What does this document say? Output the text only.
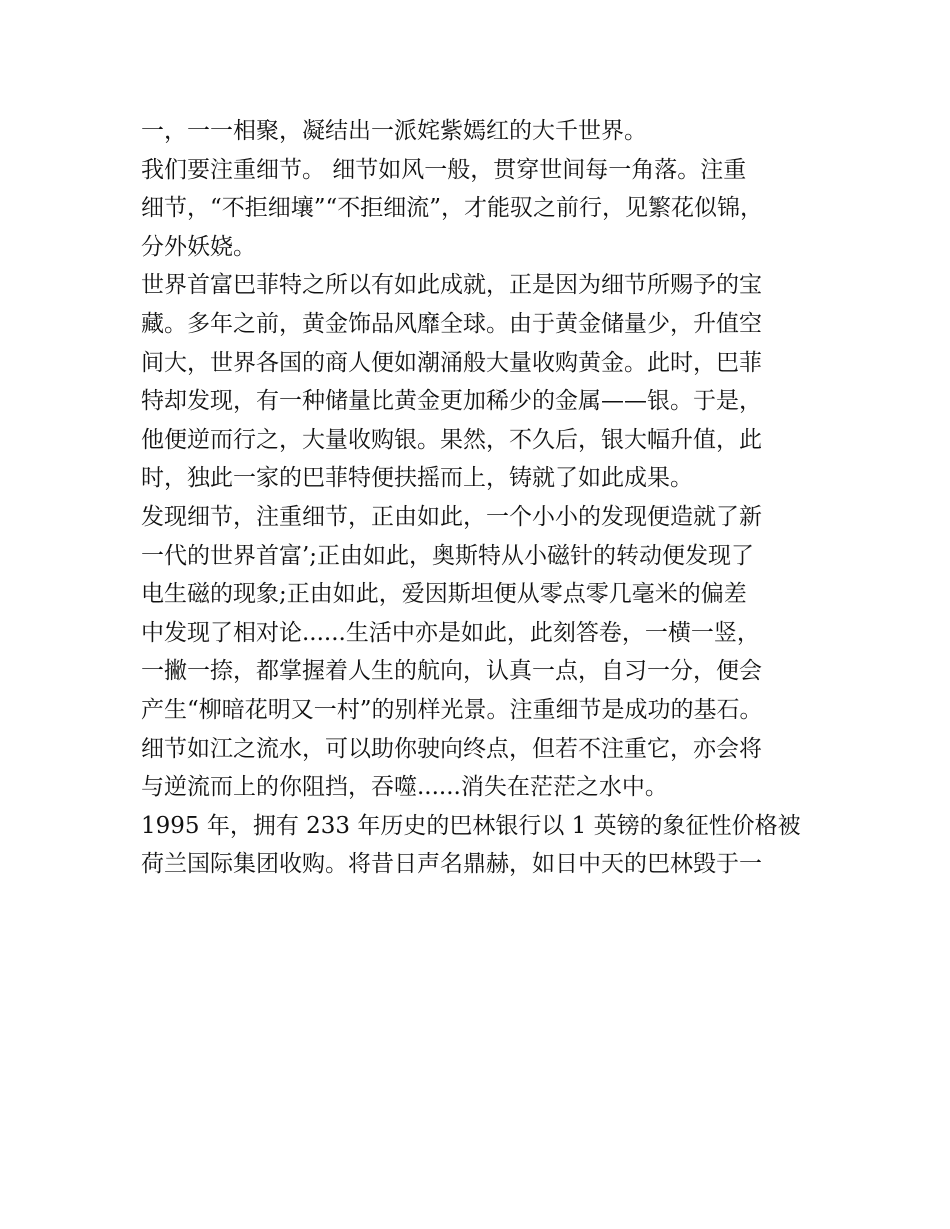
一，一一相聚，凝结出一派姹紫嫣红的大千世界。
我们要注重细节。 细节如风一般，贯穿世间每一角落。注重
细节，“不拒细壤”“不拒细流”，才能驭之前行，见繁花似锦，
分外妖娆。
世界首富巴菲特之所以有如此成就，正是因为细节所赐予的宝
藏。多年之前，黄金饰品风靡全球。由于黄金储量少，升值空
间大，世界各国的商人便如潮涌般大量收购黄金。此时，巴菲
特却发现，有一种储量比黄金更加稀少的金属——银。于是，
他便逆而行之，大量收购银。果然，不久后，银大幅升值，此
时，独此一家的巴菲特便扶摇而上，铸就了如此成果。
发现细节，注重细节，正由如此，一个小小的发现便造就了新
一代的世界首富’;正由如此，奥斯特从小磁针的转动便发现了
电生磁的现象;正由如此，爱因斯坦便从零点零几毫米的偏差
中发现了相对论......生活中亦是如此，此刻答卷，一横一竖，
一撇一捺，都掌握着人生的航向，认真一点，自习一分，便会
产生“柳暗花明又一村”的别样光景。注重细节是成功的基石。
细节如江之流水，可以助你驶向终点，但若不注重它，亦会将
与逆流而上的你阻挡，吞噬......消失在茫茫之水中。
1995 年，拥有 233 年历史的巴林银行以 1 英镑的象征性价格被
荷兰国际集团收购。将昔日声名鼎赫，如日中天的巴林毁于一
